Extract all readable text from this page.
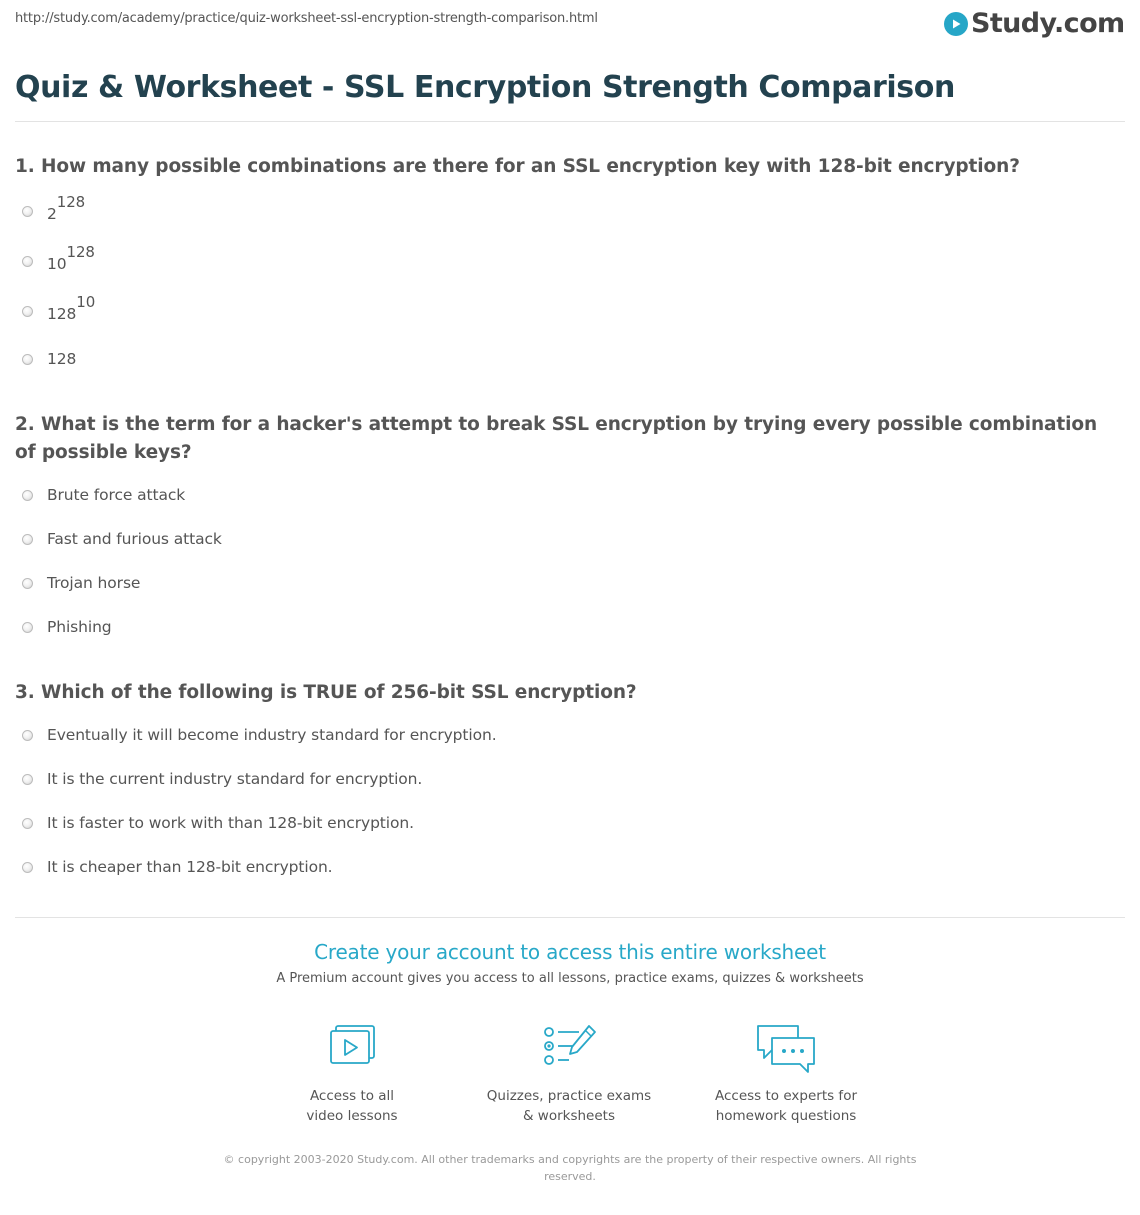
http://study.com/academy/practice/quiz-worksheet-ssl-encryption-strength-comparison.html	Study.com
Quiz & Worksheet - SSL Encryption Strength Comparison

1. How many possible combinations are there for an SSL encryption key with 128-bit encryption?

$2^{128}$
$10^{128}$
$128^{10}$
128

2. What is the term for a hacker's attempt to break SSL encryption by trying every possible combination of possible keys?

Brute force attack
Fast and furious attack
Trojan horse
Phishing

3. Which of the following is TRUE of 256-bit SSL encryption?

Eventually it will become industry standard for encryption.
It is the current industry standard for encryption.
It is faster to work with than 128-bit encryption.
It is cheaper than 128-bit encryption.
Create your account to access this entire worksheet
A Premium account gives you access to all lessons, practice exams, quizzes & worksheets
Access to all
video lessons
Quizzes, practice exams
& worksheets
Access to experts for
homework questions
© copyright 2003-2020 Study.com. All other trademarks and copyrights are the property of their respective owners. All rights reserved.
